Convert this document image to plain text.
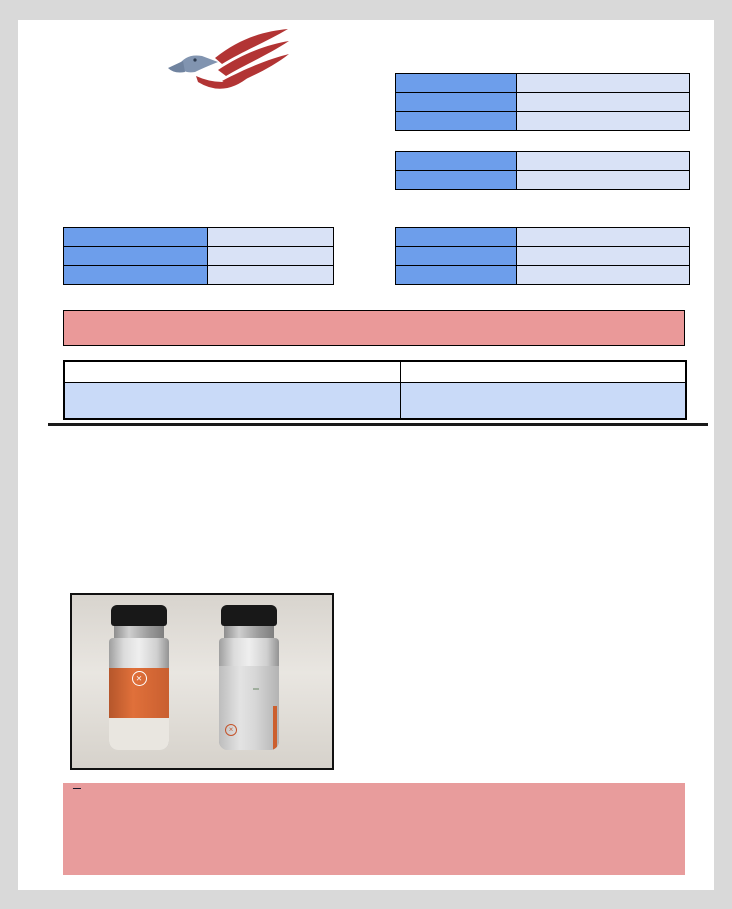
⨯
⨯
